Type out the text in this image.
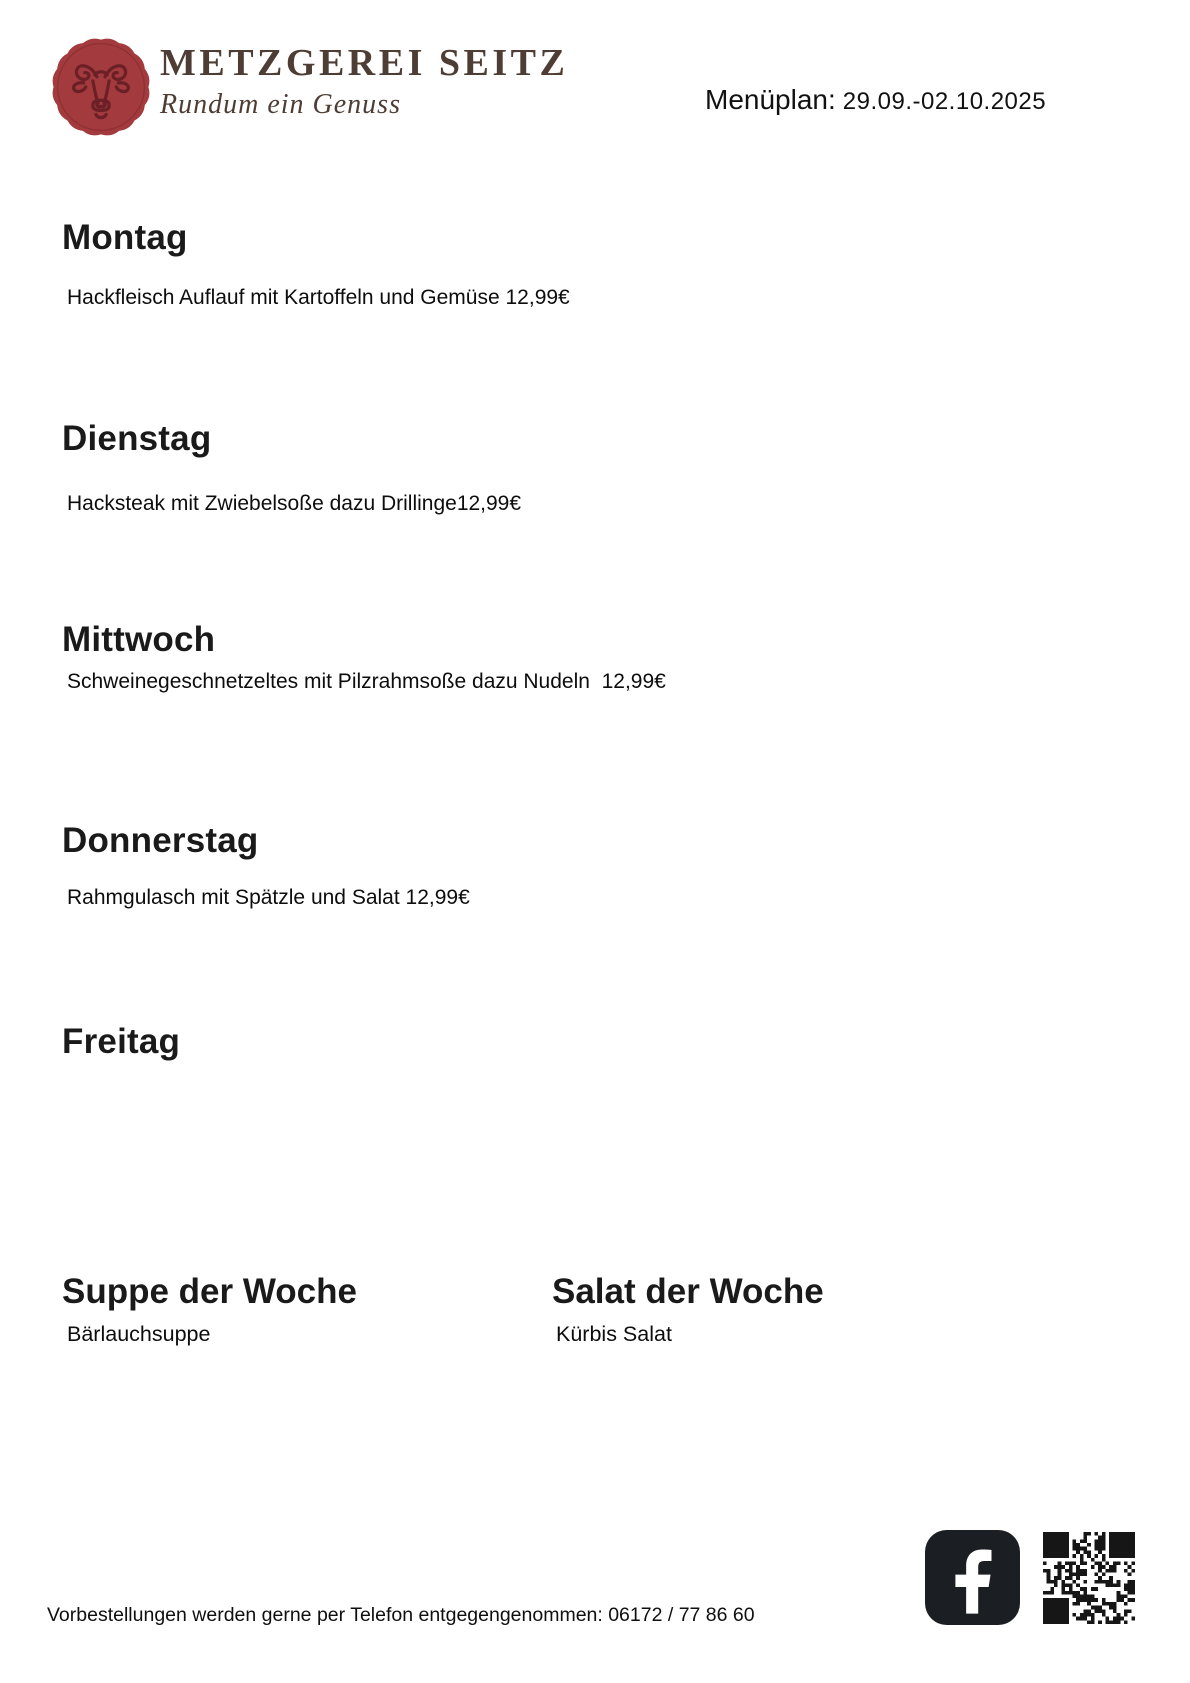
METZGEREI SEITZ
Rundum ein Genuss	Menüplan: 29.09.-02.10.2025
Montag

Hackfleisch Auflauf mit Kartoffeln und Gemüse 12,99€

Dienstag

Hacksteak mit Zwiebelsoße dazu Drillinge12,99€

Mittwoch

Schweinegeschnetzeltes mit Pilzrahmsoße dazu Nudeln  12,99€

Donnerstag

Rahmgulasch mit Spätzle und Salat 12,99€

Freitag

Suppe der Woche

Bärlauchsuppe

Salat der Woche

Kürbis Salat

Vorbestellungen werden gerne per Telefon entgegengenommen: 06172 / 77 86 60
